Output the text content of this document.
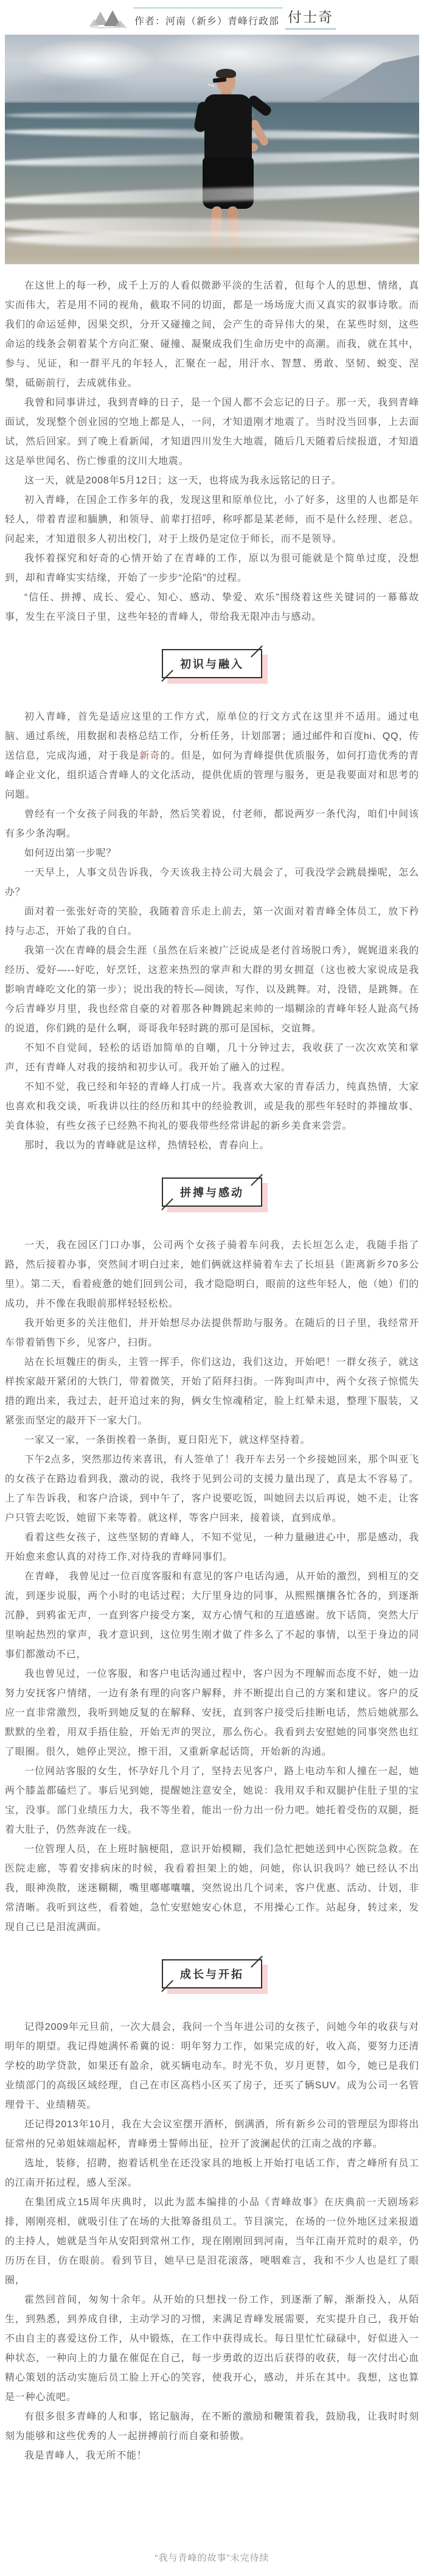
作者：河南（新乡）青峰行政部 付士奇

在这世上的每一秒，成千上万的人看似微渺平淡的生活着，但每个人的思想、情绪，真实而伟大，若是用不同的视角，截取不同的切面，都是一场场庞大而又真实的叙事诗歌。而我们的命运延伸，因果交织，分开又碰撞之间，会产生的奇异伟大的果，在某些时刻，这些命运的线条会朝着某个方向汇聚、碰撞、凝聚成我们生命历史中的高潮。而我，就在其中，参与、见证，和一群平凡的年轻人，汇聚在一起，用汗水、智慧、勇敢、坚韧、蜕变、涅槃，砥砺前行，去成就伟业。

我曾和同事讲过，我到青峰的日子，是一个国人都不会忘记的日子。那一天，我到青峰面试，发现整个创业园的空地上都是人，一问，才知道刚才地震了。当时没当回事，上去面试，然后回家。到了晚上看新闻，才知道四川发生大地震，随后几天随着后续报道，才知道这是举世闻名、伤亡惨重的汶川大地震。

这一天，就是2008年5月12日；这一天，也将成为我永远铭记的日子。

初入青峰，在国企工作多年的我，发现这里和原单位比，小了好多，这里的人也都是年轻人，带着青涩和腼腆，和领导、前辈打招呼，称呼都是某老师，而不是什么经理、老总。问起来，才知道很多人初出校门，对于上级仍是定位于师长，而不是领导。

我怀着探究和好奇的心情开始了在青峰的工作，原以为很可能就是个简单过度，没想到，却和青峰实实结缘，开始了一步步“沦陷”的过程。

“信任、拼搏、成长、爱心、知心、感动、挚爱、欢乐”围绕着这些关键词的一幕幕故事，发生在平淡日子里，这些年轻的青峰人，带给我无限冲击与感动。

初识与融入

初入青峰，首先是适应这里的工作方式，原单位的行文方式在这里并不适用。通过电脑、通过系统，用数据和表格总结工作，分析任务，计划部署；通过邮件和百度hi、QQ，传送信息，完成沟通，对于我是新奇的。但是，如何为青峰提供优质服务，如何打造优秀的青峰企业文化，组织适合青峰人的文化活动，提供优质的管理与服务，更是我要面对和思考的问题。

曾经有一个女孩子问我的年龄，然后笑着说，付老师，都说两岁一条代沟，咱们中间该有多少条沟啊。

如何迈出第一步呢？

一天早上，人事文员告诉我，今天该我主持公司大晨会了，可我没学会跳晨操呢，怎么办？

面对着一张张好奇的笑脸，我随着音乐走上前去，第一次面对着青峰全体员工，放下矜持与忐忑，开始了我的自白。

我第一次在青峰的晨会生涯（虽然在后来被广泛说成是老付首场脱口秀），娓娓道来我的经历、爱好—--好吃，好烹饪，这惹来热烈的掌声和大群的男女拥趸（这也被大家说成是我影响青峰吃文化的第一步）；说出我的特长—阅读，写作，以及跳舞。对，没错，是跳舞。在今后青峰岁月里，我也经常自豪的对着那各种舞跳起来帅的一塌糊涂的青峰年轻人趾高气扬的说道，你们跳的是什么啊，哥哥我年轻时跳的那可是国标，交谊舞。

不知不自觉间，轻松的话语加简单的自嘲，几十分钟过去，我收获了一次次欢笑和掌声，还有青峰人对我的接纳和初步认可。我开始了融入的过程。

不知不觉，我已经和年轻的青峰人打成一片。我喜欢大家的青春活力，纯真热情，大家也喜欢和我交谈，听我讲以往的经历和其中的经验教训，或是我的那些年轻时的莽撞故事、美食体验，有些女孩子已经熟不拘礼的要我带些经常讲起的新乡美食来尝尝。

那时，我以为的青峰就是这样，热情轻松，青春向上。

拼搏与感动

一天，我在园区门口办事，公司两个女孩子骑着车问我，去长垣怎么走，我随手指了路，然后接着办事，突然间才明白过来，她们俩就这样骑着车去了长垣县（距离新乡70多公里）。第二天，看着疲惫的她们回到公司，我才隐隐明白，眼前的这些年轻人，他（她）们的成功，并不像在我眼前那样轻轻松松。

我开始更多的关注他们，并开始想尽办法提供帮助与服务。在随后的日子里，我经常开车带着销售下乡，见客户，扫街。

站在长垣魏庄的街头，主管一挥手，你们这边，我们这边，开始吧！一群女孩子，就这样挨家敲开紧闭的大铁门，带着微笑，开始了陌拜扫街。一阵狗叫声中，两个女孩子惊慌失措的跑出来，我过去，赶开追过来的狗，俩女生惊魂稍定，脸上红晕未退，整理下服装，又紧张而坚定的敲开下一家大门。

一家又一家，一条街挨着一条街，夏日阳光下，就这样坚持着。

下午2点多，突然那边传来喜讯，有人签单了！我开车去另一个乡接她回来，那个叫亚飞的女孩子在路边看到我，激动的说，我终于见到公司的支援力量出现了，真是太不容易了。上了车告诉我，和客户洽谈，到中午了，客户说要吃饭，叫她回去以后再说，她不走，让客户只管去吃饭，她留下来等着。就这样，等客户回来，接着谈，直到成单。

看着这些女孩子，这些坚韧的青峰人，不知不觉见，一种力量融进心中，那是感动，我开始愈来愈认真的对待工作,对待我的青峰同事们。

在青峰， 我曾见过一位百度客服和有意见的客户电话沟通，从开始的激烈，到相互的交流，到逐步说服，两个小时的电话过程；大厅里身边的同事，从熙熙攘攘各忙各的，到逐渐沉静，到鸦雀无声，一直到客户接受方案，双方心情气和的互道感谢。放下话筒，突然大厅里响起热烈的掌声，我才意识到，这位男生刚才做了件多么了不起的事情，以至于身边的同事们都激动不已，

我也曾见过，一位客服，和客户电话沟通过程中，客户因为不理解而态度不好，她一边努力安抚客户情绪，一边有条有理的向客户解释，并不断提出自己的方案和建议。客户的反应一直非常激烈，我听到她反复的在解释、安抚，直到客户接受后挂断电话，然后她就那么默默的坐着，用双手捂住脸，开始无声的哭泣，那么伤心。我看到去安慰她的同事突然也红了眼圈。很久，她停止哭泣，擦干泪，又重新拿起话筒，开始新的沟通。

一位网站客服的女生，怀孕好几个月了，坚持去见客户，路上电动车和人撞在一起，她两个膝盖都磕烂了。事后见到她，提醒她注意安全，她说：我用双手和双腿护住肚子里的宝宝，没事。部门业绩压力大，我不等坐着，能出一份力出一份力吧。她托着受伤的双腿，挺着大肚子，仍然奔波在一线。

一位管理人员，在上班时脑梗阻，意识开始模糊，我们急忙把她送到中心医院急救。在医院走廊，等着安排病床的时候，我看着担架上的她，问她，你认识我吗？她已经认不出我，眼神涣散，迷迷糊糊，嘴里嘟嘟囔囔，突然说出几个词来，客户优惠、活动、计划，非常清晰。我听到这些，看着她，急忙安慰她安心休息，不用操心工作。站起身，转过来，发现自己已是泪流满面。

成长与开拓

记得2009年元旦前，一次大晨会，我问一个当年进公司的女孩子，问她今年的收获与对明年的期望。我记得她满怀希冀的说：明年努力工作，如果完成的好，收入高，要努力还清学校的助学贷款，如果还有盈余，就买辆电动车。时光不负，岁月更替，如今，她已是我们业绩部门的高级区域经理，自己在市区高档小区买了房子，还买了辆SUV。成为公司一名管理骨干、业绩精英。

还记得2013年10月，我在大会议室摆开酒杯，倒满酒，所有新乡公司的管理层为即将出征常州的兄弟姐妹端起杯，青峰勇士誓师出征，拉开了波澜起伏的江南之战的序幕。

选址，装修，招聘，抱着话机坐在还没家具的地板上开始打电话工作，青之峰所有员工的江南开拓过程，感人至深。

在集团成立15周年庆典时，以此为蓝本编排的小品《青峰故事》在庆典前一天剧场彩排，刚刚亮相，就吸引住了在场的大批筹备组员工。节目演完，在场的一位外地区过来报道的主持人，她就是当年从安阳到常州工作，现在刚刚回到河南，当年江南开荒时的艰辛，仍历历在目，仿在眼前。看到节目，她早已是泪花滚落，哽咽难言，我和不少人也是红了眼圈，

霍然回首间，匆匆十余年。从开始的只想找一份工作，到逐渐了解，渐渐投入，从陌生，到熟悉，到养成自律，主动学习的习惯，来满足青峰发展需要，充实提升自己，我开始不由自主的喜爱这份工作，从中锻炼，在工作中获得成长。每日里忙忙碌碌中，好似进入一种状态，一种向上的力量在催促在自己，每一步勇敢的迈出后获得的收获，每一次付出心血精心策划的活动实施后员工脸上开心的笑容，使我开心，感动，并乐在其中。我想，这也算是一种心流吧。

有很多很多青峰的人和事，铭记脑海，在不断的激励和鞭策着我，鼓励我，让我时时刻刻为能够和这些优秀的人一起拼搏前行而自豪和骄傲。

我是青峰人，我无所不能！

“我与青峰的故事”未完待续
